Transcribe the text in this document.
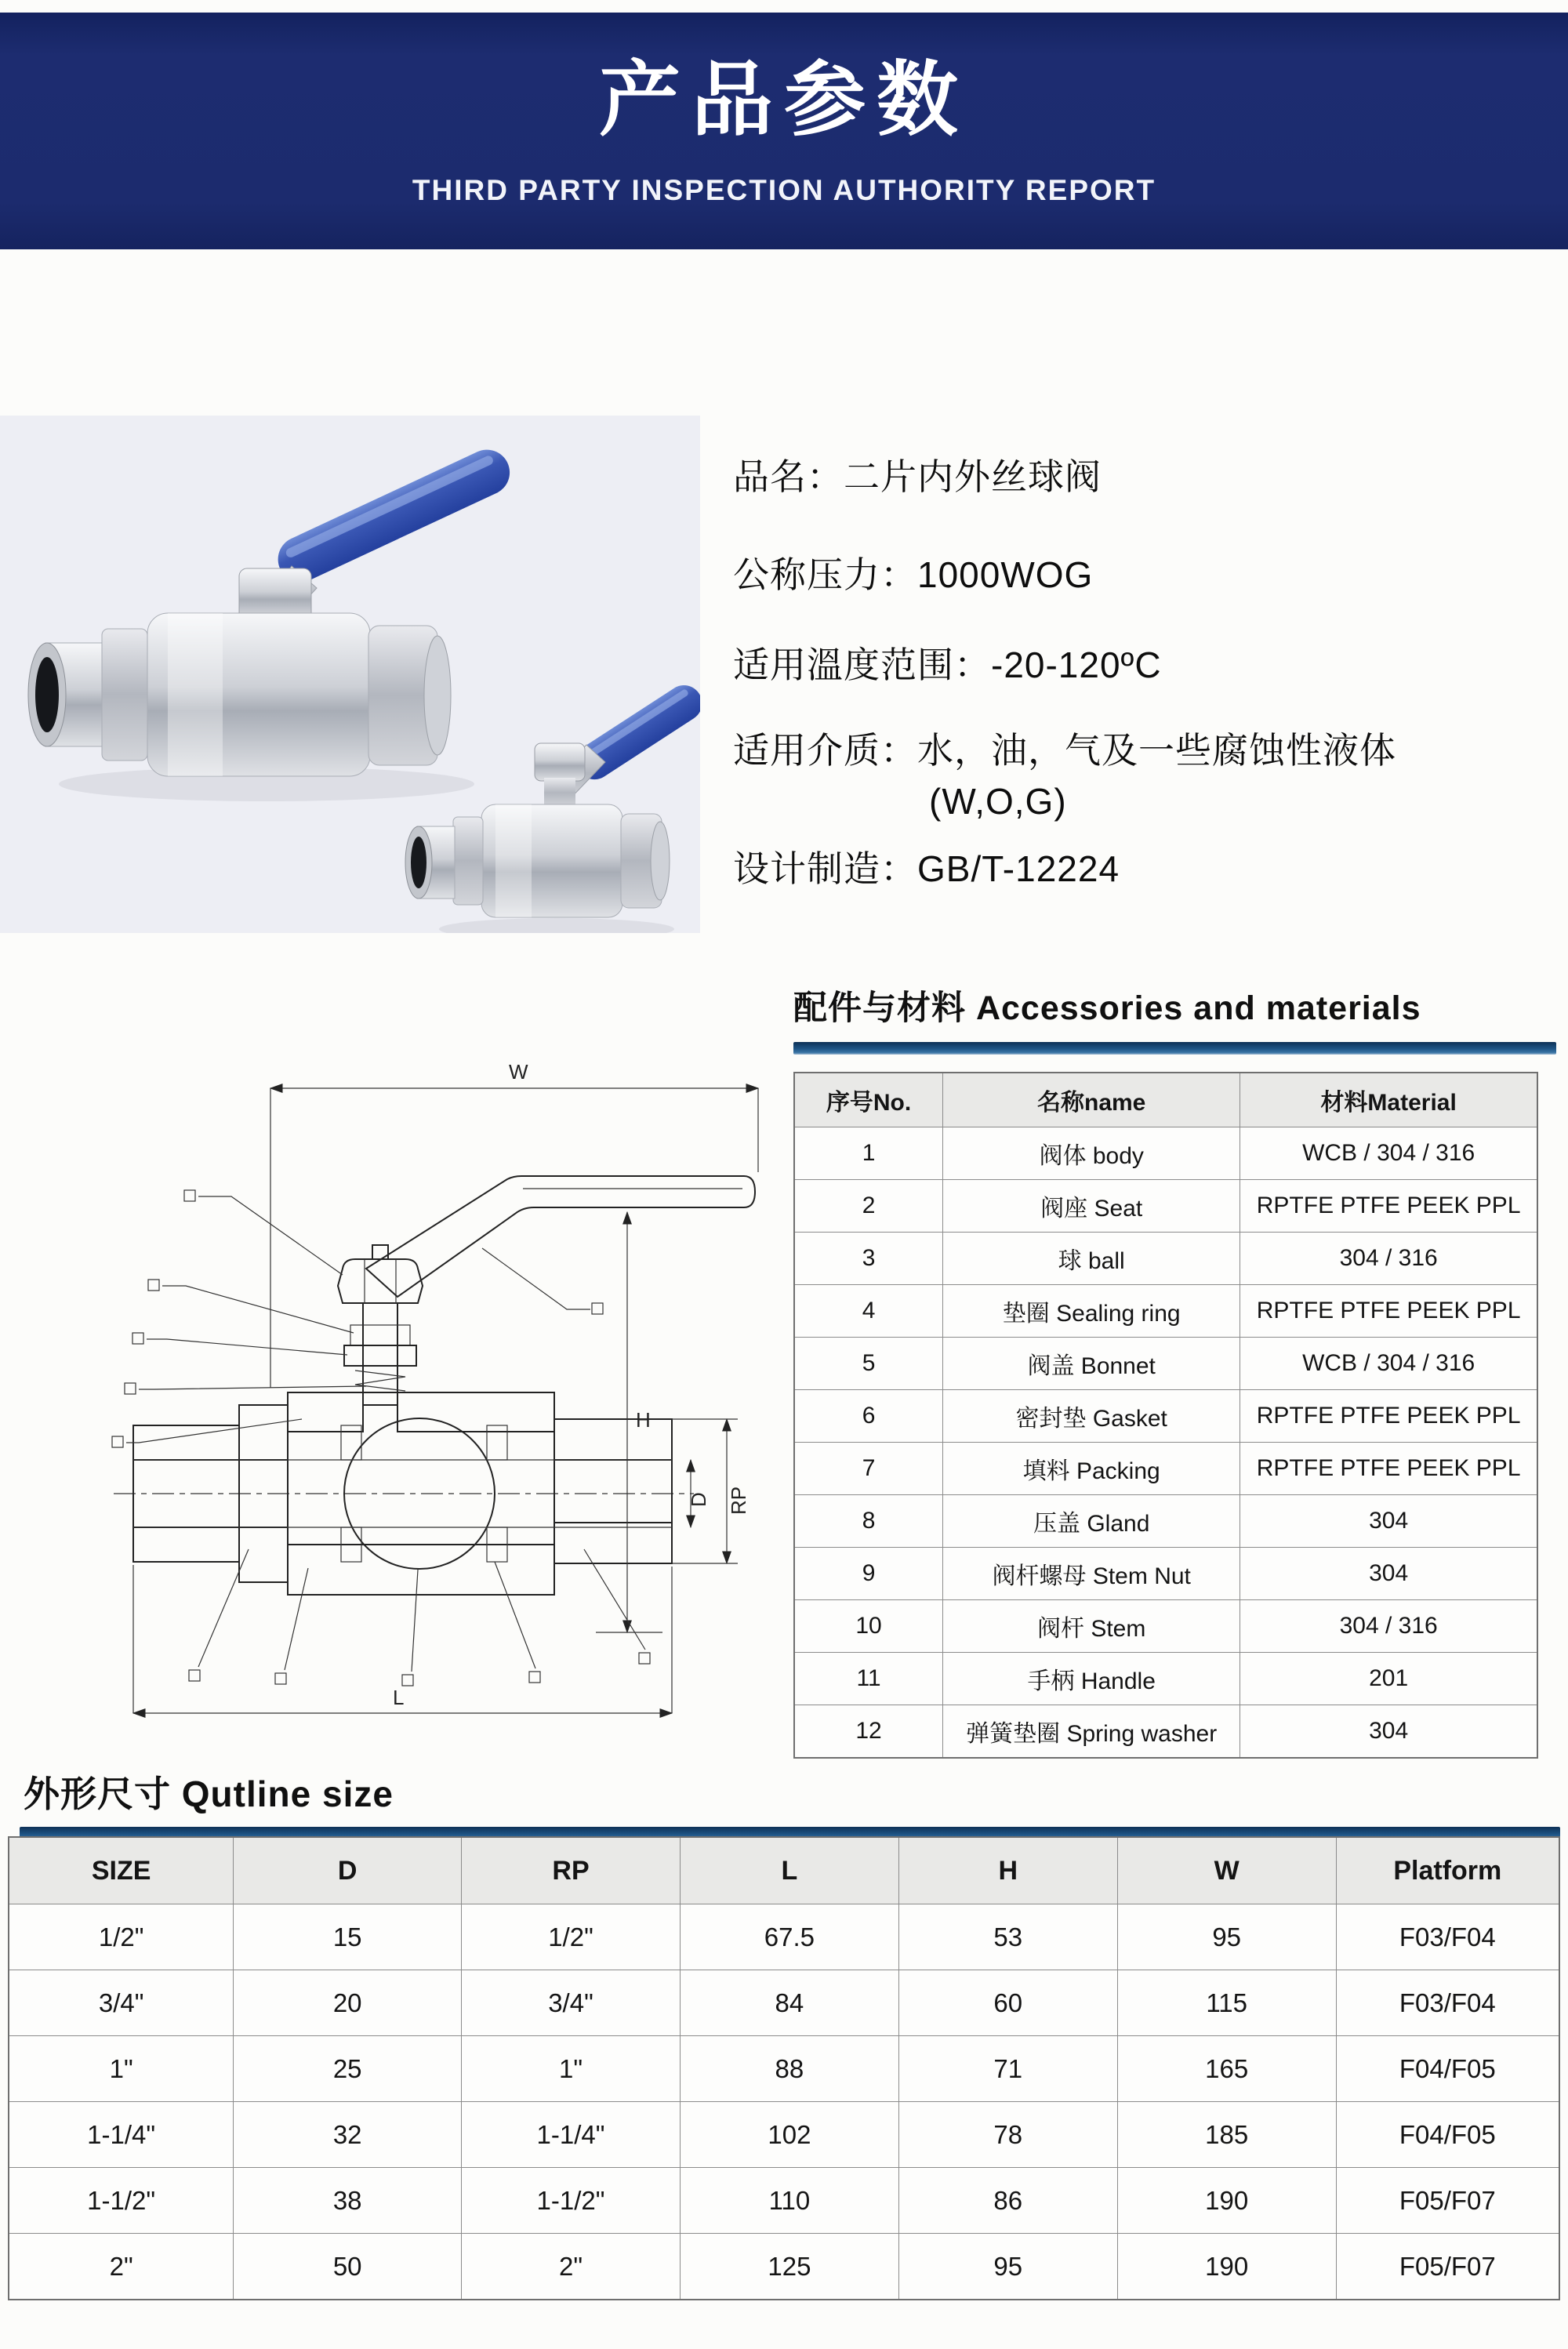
产品参数
THIRD PARTY INSPECTION AUTHORITY REPORT
品名：二片内外丝球阀
公称压力：1000WOG
适用溫度范围：-20-120ºC
适用介质：水，油，气及一些腐蚀性液体
(W,O,G)
设计制造：GB/T-12224
配件与材料 Accessories and materials
序号No.	名称name	材料Material
1	阀体 body	WCB / 304 / 316
2	阀座 Seat	RPTFE PTFE PEEK PPL
3	球 ball	304 / 316
4	垫圈 Sealing ring	RPTFE PTFE PEEK PPL
5	阀盖 Bonnet	WCB / 304 / 316
6	密封垫 Gasket	RPTFE PTFE PEEK PPL
7	填料 Packing	RPTFE PTFE PEEK PPL
8	压盖 Gland	304
9	阀杆螺母 Stem Nut	304
10	阀杆 Stem	304 / 316
11	手柄 Handle	201
12	弹簧垫圈 Spring washer	304
W
H
D RP
L
外形尺寸 Qutline size
SIZE	D	RP	L	H	W	Platform
1/2"	15	1/2"	67.5	53	95	F03/F04
3/4"	20	3/4"	84	60	115	F03/F04
1"	25	1"	88	71	165	F04/F05
1-1/4"	32	1-1/4"	102	78	185	F04/F05
1-1/2"	38	1-1/2"	110	86	190	F05/F07
2"	50	2"	125	95	190	F05/F07
